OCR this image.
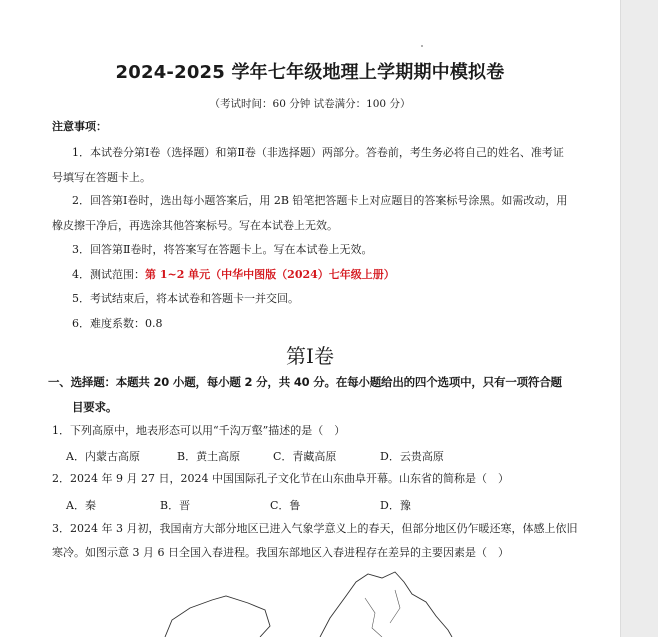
2024-2025 学年七年级地理上学期期中模拟卷
（考试时间：60 分钟 试卷满分：100 分）
注意事项：
1．本试卷分第Ⅰ卷（选择题）和第Ⅱ卷（非选择题）两部分。答卷前，考生务必将自己的姓名、准考证
号填写在答题卡上。
2．回答第Ⅰ卷时，选出每小题答案后，用 2B 铅笔把答题卡上对应题目的答案标号涂黑。如需改动，用
橡皮擦干净后，再选涂其他答案标号。写在本试卷上无效。
3．回答第Ⅱ卷时，将答案写在答题卡上。写在本试卷上无效。
4．测试范围：第 1~2 单元（中华中图版（2024）七年级上册）
5．考试结束后，将本试卷和答题卡一并交回。
6．难度系数：0.8
第Ⅰ卷
一、选择题：本题共 20 小题，每小题 2 分，共 40 分。在每小题给出的四个选项中，只有一项符合题
目要求。
1．下列高原中，地表形态可以用“千沟万壑”描述的是（　）
A．内蒙古高原	B．黄土高原	C．青藏高原	D．云贵高原
2．2024 年 9 月 27 日，2024 中国国际孔子文化节在山东曲阜开幕。山东省的简称是（　）
A．秦	B．晋	C．鲁	D．豫
3．2024 年 3 月初，我国南方大部分地区已进入气象学意义上的春天，但部分地区仍乍暖还寒，体感上依旧
寒冷。如图示意 3 月 6 日全国入春进程。我国东部地区入春进程存在差异的主要因素是（　）
